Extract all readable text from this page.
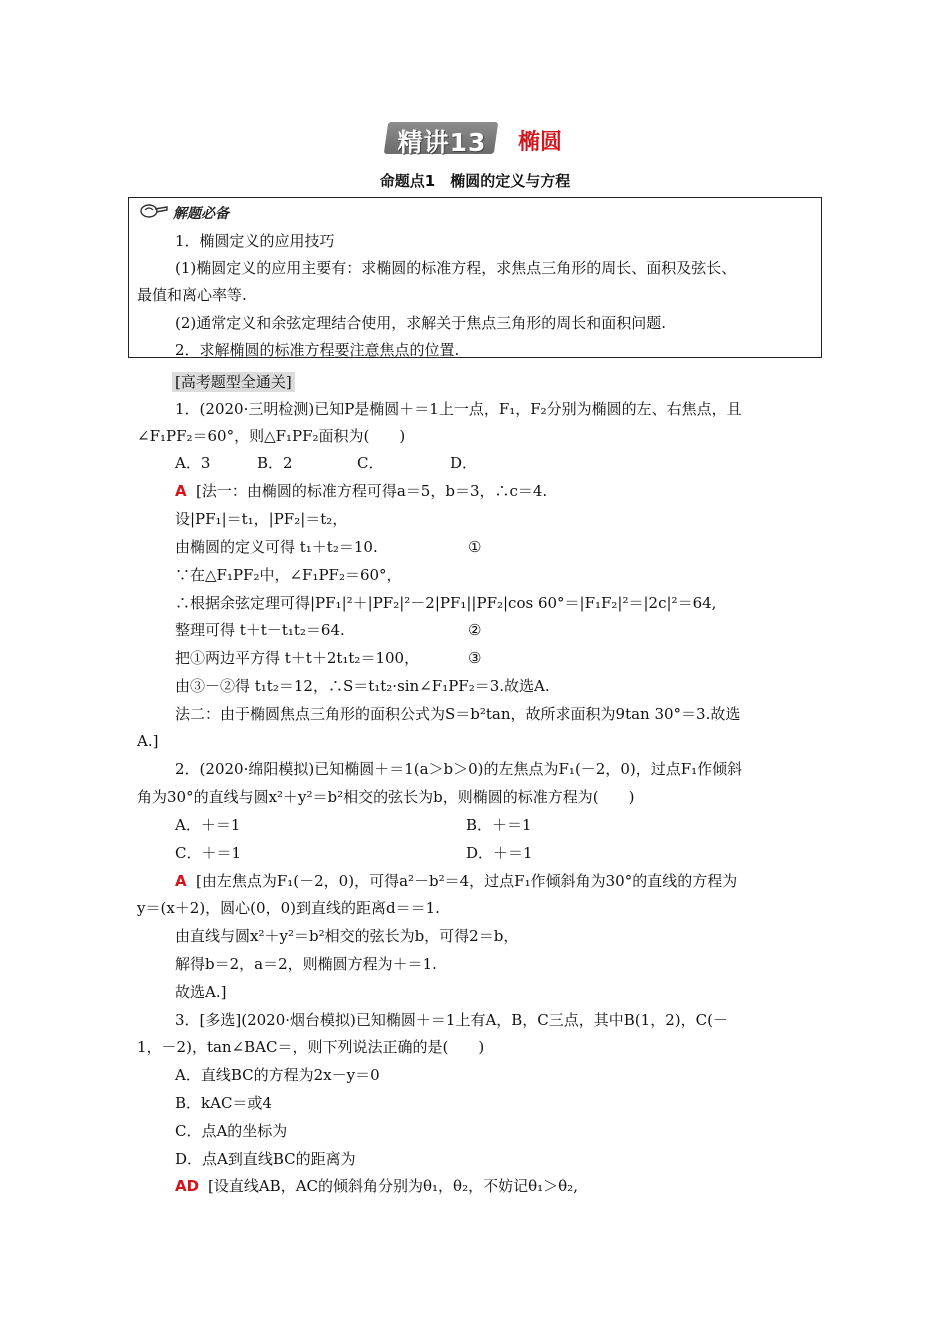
精讲13 椭圆
命题点1　椭圆的定义与方程
解题必备
1．椭圆定义的应用技巧
(1)椭圆定义的应用主要有：求椭圆的标准方程，求焦点三角形的周长、面积及弦长、
最值和离心率等.
(2)通常定义和余弦定理结合使用，求解关于焦点三角形的周长和面积问题.
2．求解椭圆的标准方程要注意焦点的位置.
[高考题型全通关]
1．(2020·三明检测)已知P是椭圆＋＝1上一点，F₁，F₂分别为椭圆的左、右焦点，且
∠F₁PF₂＝60°，则△F₁PF₂面积为(　　)
A．3	B．2	C．	D．
A [法一：由椭圆的标准方程可得a＝5，b＝3，∴c＝4.
设|PF₁|＝t₁，|PF₂|＝t₂，
由椭圆的定义可得 t₁＋t₂＝10.	①
∵在△F₁PF₂中，∠F₁PF₂＝60°，
∴根据余弦定理可得|PF₁|²＋|PF₂|²－2|PF₁||PF₂|cos 60°＝|F₁F₂|²＝|2c|²＝64,
整理可得 t＋t－t₁t₂＝64.	②
把①两边平方得 t＋t＋2t₁t₂＝100，	③
由③－②得 t₁t₂＝12，∴S＝t₁t₂·sin∠F₁PF₂＝3.故选A.
法二：由于椭圆焦点三角形的面积公式为S＝b²tan，故所求面积为9tan 30°＝3.故选
A.]
2．(2020·绵阳模拟)已知椭圆＋＝1(a＞b＞0)的左焦点为F₁(－2，0)，过点F₁作倾斜
角为30°的直线与圆x²＋y²＝b²相交的弦长为b，则椭圆的标准方程为(　　)
A．＋＝1	B．＋＝1
C．＋＝1	D．＋＝1
A [由左焦点为F₁(－2，0)，可得a²－b²＝4，过点F₁作倾斜角为30°的直线的方程为
y＝(x＋2)，圆心(0，0)到直线的距离d＝＝1.
由直线与圆x²＋y²＝b²相交的弦长为b，可得2＝b，
解得b＝2，a＝2，则椭圆方程为＋＝1.
故选A.]
3．[多选](2020·烟台模拟)已知椭圆＋＝1上有A，B，C三点，其中B(1，2)，C(－
1，－2)，tan∠BAC＝，则下列说法正确的是(　　)
A．直线BC的方程为2x－y＝0
B．kAC＝或4
C．点A的坐标为
D．点A到直线BC的距离为
AD [设直线AB，AC的倾斜角分别为θ₁，θ₂，不妨记θ₁＞θ₂,
